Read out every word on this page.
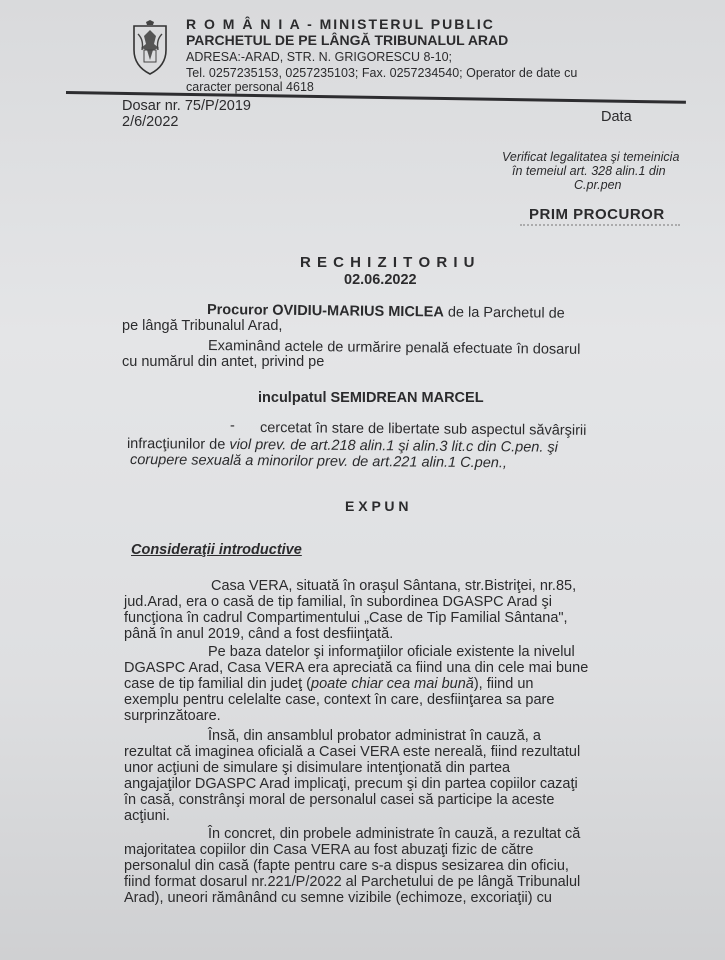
R O M Â N I A - MINISTERUL PUBLIC
PARCHETUL DE PE LÂNGĂ TRIBUNALUL ARAD
ADRESA:-ARAD, STR. N. GRIGORESCU 8-10;
Tel. 0257235153, 0257235103; Fax. 0257234540; Operator de date cu
caracter personal 4618
Dosar nr. 75/P/2019
2/6/2022	Data
Verificat legalitatea şi temeinicia
în temeiul art. 328 alin.1 din
C.pr.pen
PRIM PROCUROR
R E C H I Z I T O R I U
02.06.2022
Procuror OVIDIU-MARIUS MICLEA de la Parchetul de
pe lângă Tribunalul Arad,
Examinând actele de urmărire penală efectuate în dosarul
cu numărul din antet, privind pe
inculpatul SEMIDREAN MARCEL
- cercetat în stare de libertate sub aspectul săvârşirii
infracţiunilor de viol prev. de art.218 alin.1 şi alin.3 lit.c din C.pen. şi
corupere sexuală a minorilor prev. de art.221 alin.1 C.pen.,
E X P U N
Consideraţii introductive
Casa VERA, situată în oraşul Sântana, str.Bistriţei, nr.85,
jud.Arad, era o casă de tip familial, în subordinea DGASPC Arad şi
funcţiona în cadrul Compartimentului „Case de Tip Familial Sântana",
până în anul 2019, când a fost desfiinţată.
Pe baza datelor şi informaţiilor oficiale existente la nivelul
DGASPC Arad, Casa VERA era apreciată ca fiind una din cele mai bune
case de tip familial din judeţ (poate chiar cea mai bună), fiind un
exemplu pentru celelalte case, context în care, desfiinţarea sa pare
surprinzătoare.
Însă, din ansamblul probator administrat în cauză, a
rezultat că imaginea oficială a Casei VERA este nereală, fiind rezultatul
unor acţiuni de simulare şi disimulare intenţionată din partea
angajaţilor DGASPC Arad implicaţi, precum şi din partea copiilor cazaţi
în casă, constrânşi moral de personalul casei să participe la aceste
acţiuni.
În concret, din probele administrate în cauză, a rezultat că
majoritatea copiilor din Casa VERA au fost abuzaţi fizic de către
personalul din casă (fapte pentru care s-a dispus sesizarea din oficiu,
fiind format dosarul nr.221/P/2022 al Parchetului de pe lângă Tribunalul
Arad), uneori rămânând cu semne vizibile (echimoze, excoriaţii) cu
